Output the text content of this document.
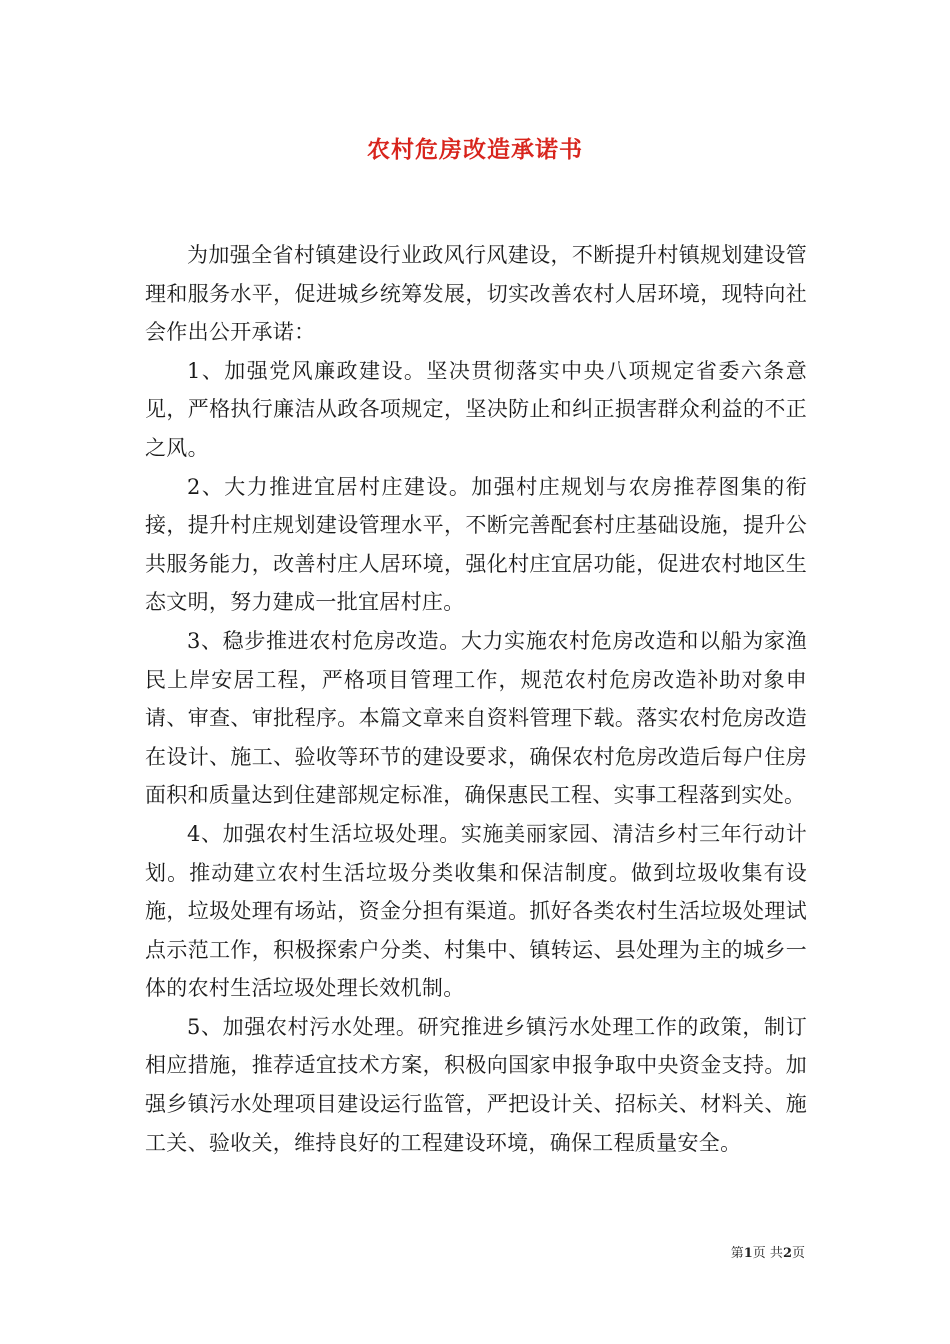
农村危房改造承诺书

为加强全省村镇建设行业政风行风建设，不断提升村镇规划建设管理和服务水平，促进城乡统筹发展，切实改善农村人居环境，现特向社会作出公开承诺：

1、加强党风廉政建设。坚决贯彻落实中央八项规定省委六条意见，严格执行廉洁从政各项规定，坚决防止和纠正损害群众利益的不正之风。

2、大力推进宜居村庄建设。加强村庄规划与农房推荐图集的衔接，提升村庄规划建设管理水平，不断完善配套村庄基础设施，提升公共服务能力，改善村庄人居环境，强化村庄宜居功能，促进农村地区生态文明，努力建成一批宜居村庄。

3、稳步推进农村危房改造。大力实施农村危房改造和以船为家渔民上岸安居工程，严格项目管理工作，规范农村危房改造补助对象申请、审查、审批程序。本篇文章来自资料管理下载。落实农村危房改造在设计、施工、验收等环节的建设要求，确保农村危房改造后每户住房面积和质量达到住建部规定标准，确保惠民工程、实事工程落到实处。

4、加强农村生活垃圾处理。实施美丽家园、清洁乡村三年行动计划。推动建立农村生活垃圾分类收集和保洁制度。做到垃圾收集有设施，垃圾处理有场站，资金分担有渠道。抓好各类农村生活垃圾处理试点示范工作，积极探索户分类、村集中、镇转运、县处理为主的城乡一体的农村生活垃圾处理长效机制。

5、加强农村污水处理。研究推进乡镇污水处理工作的政策，制订相应措施，推荐适宜技术方案，积极向国家申报争取中央资金支持。加强乡镇污水处理项目建设运行监管，严把设计关、招标关、材料关、施工关、验收关，维持良好的工程建设环境，确保工程质量安全。

第1页 共2页
